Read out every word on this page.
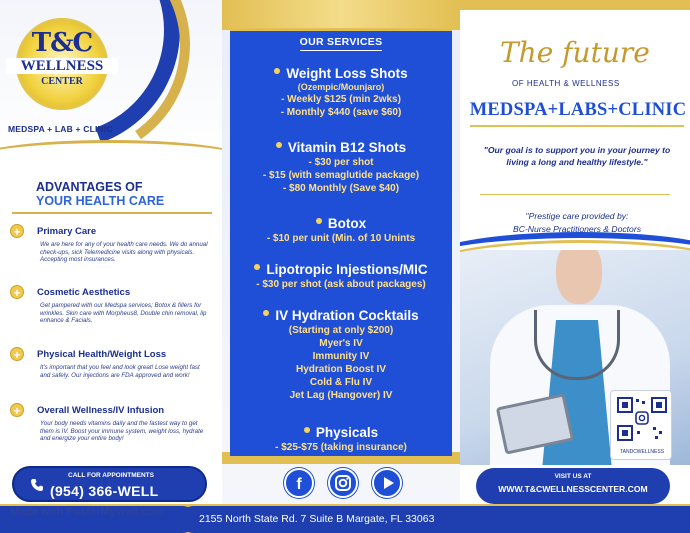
T&C
WELLNESS
CENTER
MEDSPA + LAB + CLINIC
ADVANTAGES OF
YOUR HEALTH CARE
+	Primary Care
We are here for any of your health care needs. We do annual check-ups, sick Telemedicine visits along with physicals. Accepting most insurances.
+	Cosmetic Aesthetics
Get pampered with our Medspa services; Botox & fillers for wrinkles. Skin care with Morpheus8, Double chin removal, lip enhance & Facials.
+	Physical Health/Weight Loss
It's important that you feel and look great! Lose weight fast and safely. Our injections are FDA approved and work!
+	Overall Wellness/IV Infusion
Your body needs vitamins daily and the fastest way to get them is IV. Boost your immune system, weight loss, hydrate and energize your entire body!
OUR SERVICES
Weight Loss Shots
(Ozempic/Mounjaro)
- Weekly $125 (min 2wks)
- Monthly $440 (save $60)
Vitamin B12 Shots
- $30 per shot
- $15 (with semaglutide package)
- $80 Monthly (Save $40)
Botox
- $10 per unit (Min. of 10 Unints
Lipotropic Injestions/MIC
- $30 per shot (ask about packages)
IV Hydration Cocktails
(Starting at only $200)
Myer's IV
Immunity IV
Hydration Boost IV
Cold & Flu IV
Jet Lag (Hangover) IV
Physicals
- $25-$75 (taking insurance)
f
The future
OF HEALTH & WELLNESS
MEDSPA+LABS+CLINIC
"Our goal is to support you in your journey to living a long and healthy lifestyle."
"Prestige care provided by:
BC-Nurse Practitioners & Doctors
TANDCWELLNESS
2155 North State Rd. 7 Suite B Margate, FL 33063
CALL FOR APPOINTMENTS
(954) 366-WELL
Made with PosterMyWall.com
VISIT US AT
WWW.T&CWELLNESSCENTER.COM
